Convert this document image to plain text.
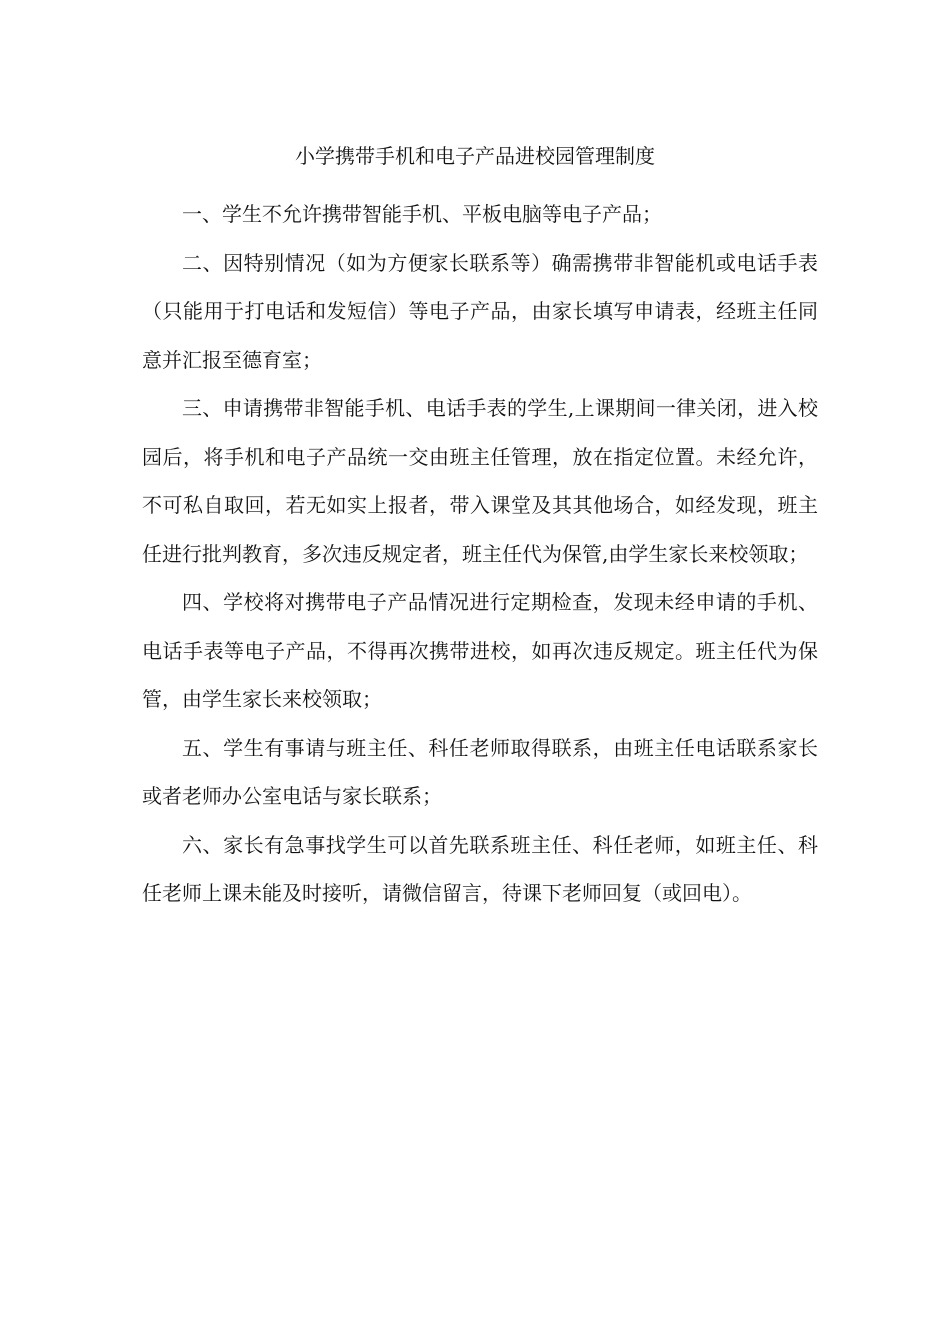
小学携带手机和电子产品进校园管理制度

一、学生不允许携带智能手机、平板电脑等电子产品；

二、因特别情况（如为方便家长联系等）确需携带非智能机或电话手表（只能用于打电话和发短信）等电子产品，由家长填写申请表，经班主任同意并汇报至德育室；

三、申请携带非智能手机、电话手表的学生,上课期间一律关闭，进入校园后，将手机和电子产品统一交由班主任管理，放在指定位置。未经允许，不可私自取回，若无如实上报者，带入课堂及其其他场合，如经发现，班主任进行批判教育，多次违反规定者，班主任代为保管,由学生家长来校领取；

四、学校将对携带电子产品情况进行定期检查，发现未经申请的手机、电话手表等电子产品，不得再次携带进校，如再次违反规定。班主任代为保管，由学生家长来校领取；

五、学生有事请与班主任、科任老师取得联系，由班主任电话联系家长或者老师办公室电话与家长联系；

六、家长有急事找学生可以首先联系班主任、科任老师，如班主任、科任老师上课未能及时接听，请微信留言，待课下老师回复（或回电）。
